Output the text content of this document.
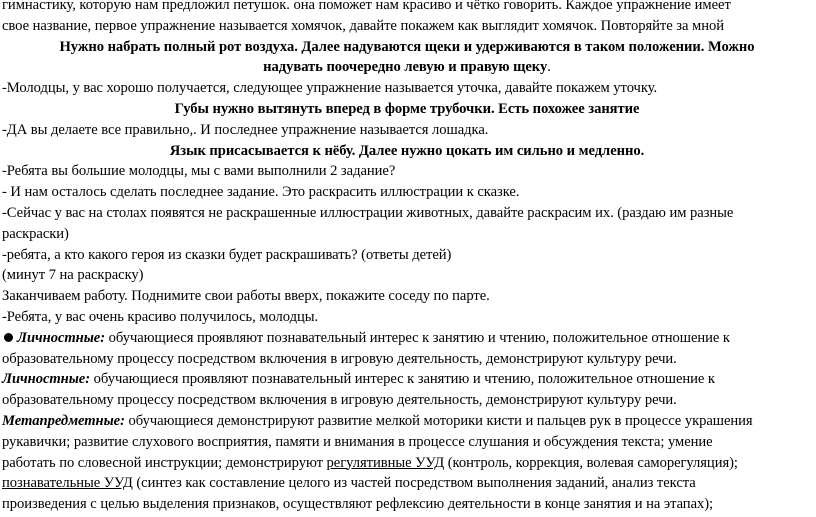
гимнастику, которую нам предложил петушок. она поможет нам красиво и чётко говорить. Каждое упражнение имеет
свое название, первое упражнение называется хомячок, давайте покажем как выглядит хомячок. Повторяйте за мной
Нужно набрать полный рот воздуха. Далее надуваются щеки и удерживаются в таком положении. Можно
надувать поочередно левую и правую щеку.
-Молодцы, у вас хорошо получается, следующее упражнение называется уточка, давайте покажем уточку.
Губы нужно вытянуть вперед в форме трубочки. Есть похожее занятие
-ДА вы делаете все правильно,. И последнее упражнение называется лошадка.
Язык присасывается к нёбу. Далее нужно цокать им сильно и медленно.
-Ребята вы большие молодцы, мы с вами выполнили 2 задание?
- И нам осталось сделать последнее задание. Это раскрасить иллюстрации к сказке.
-Сейчас у вас на столах появятся не раскрашенные иллюстрации животных, давайте раскрасим их. (раздаю им разные
раскраски)
-ребята, а кто какого героя из сказки будет раскрашивать? (ответы детей)
(минут 7 на раскраску)
Заканчиваем работу. Поднимите свои работы вверх, покажите соседу по парте.
-Ребята, у вас очень красиво получилось, молодцы.
Личностные: обучающиеся проявляют познавательный интерес к занятию и чтению, положительное отношение к
образовательному процессу посредством включения в игровую деятельность, демонстрируют культуру речи.
Личностные: обучающиеся проявляют познавательный интерес к занятию и чтению, положительное отношение к
образовательному процессу посредством включения в игровую деятельность, демонстрируют культуру речи.
Метапредметные: обучающиеся демонстрируют развитие мелкой моторики кисти и пальцев рук в процессе украшения
рукавички; развитие слухового восприятия, памяти и внимания в процессе слушания и обсуждения текста; умение
работать по словесной инструкции; демонстрируют регулятивные УУД (контроль, коррекция, волевая саморегуляция);
познавательные УУД (синтез как составление целого из частей посредством выполнения заданий, анализ текста
произведения с целью выделения признаков, осуществляют рефлексию деятельности в конце занятия и на этапах);
